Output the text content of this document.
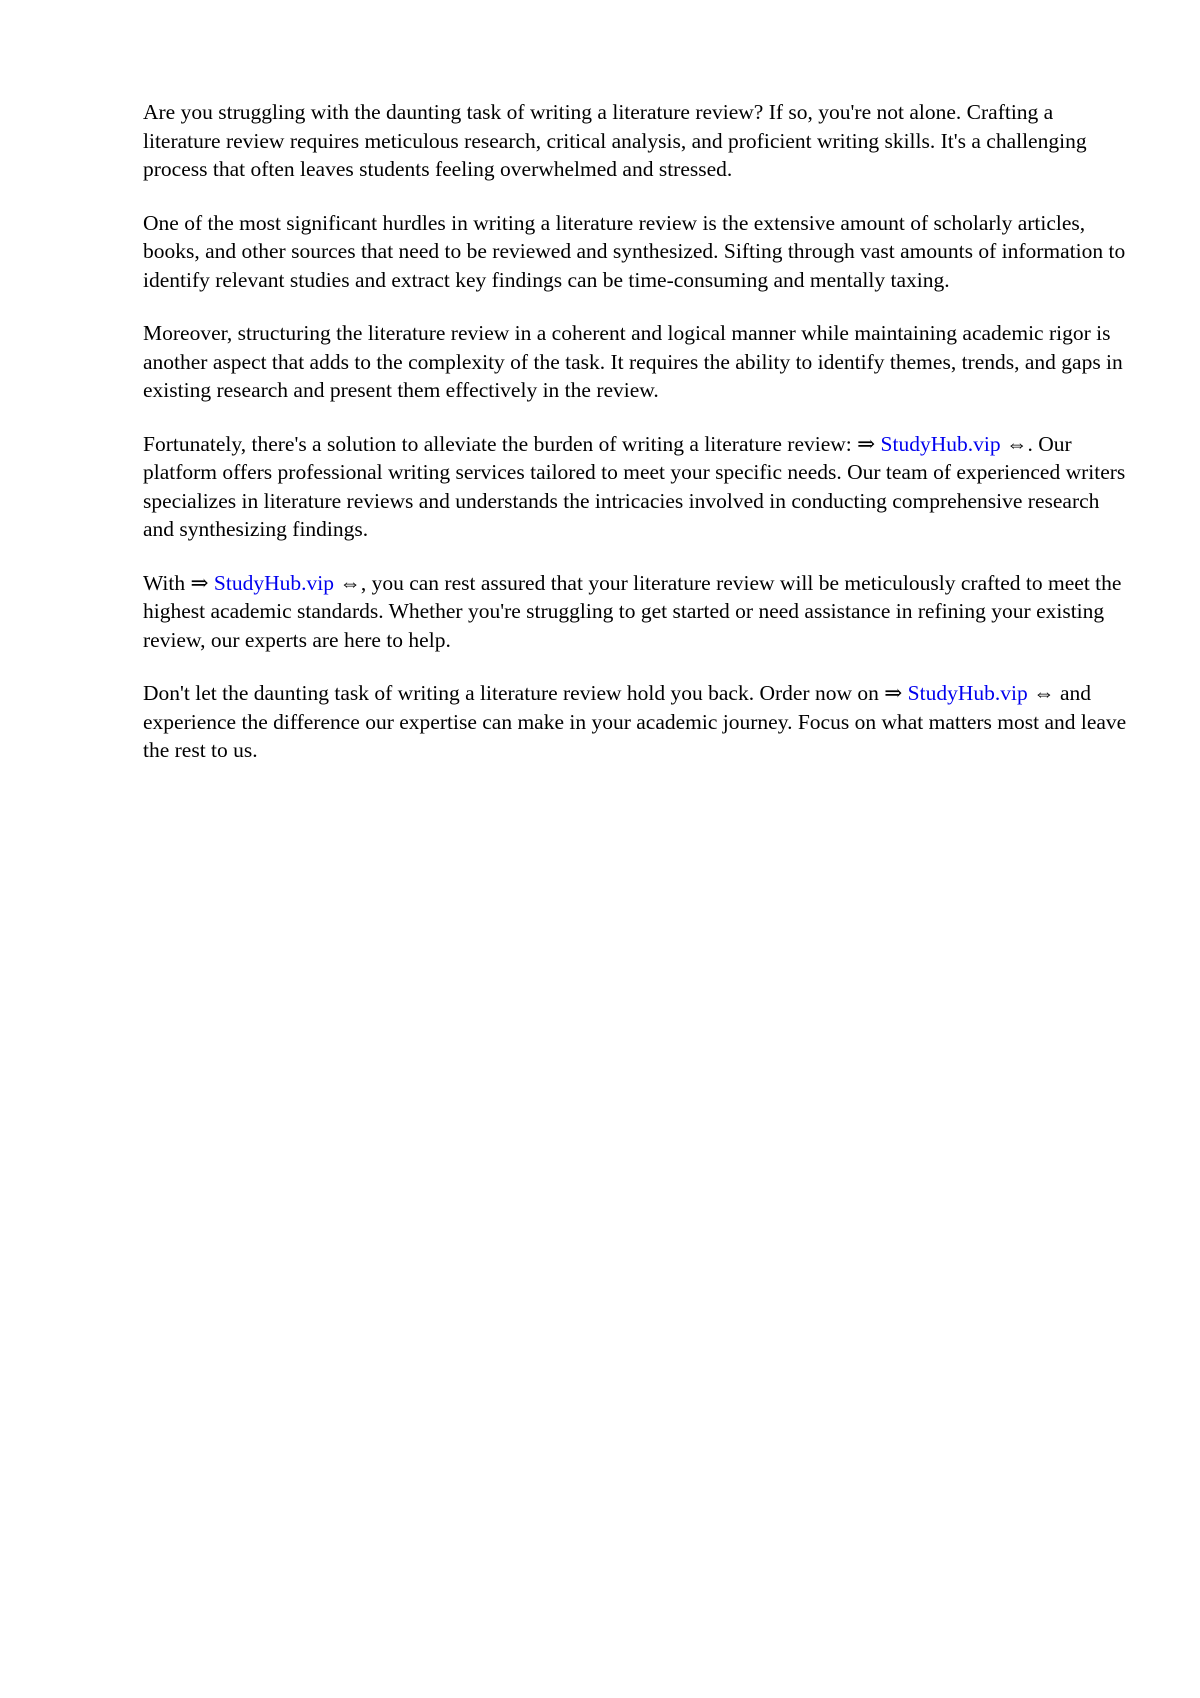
Are you struggling with the daunting task of writing a literature review? If so, you're not alone. Crafting a literature review requires meticulous research, critical analysis, and proficient writing skills. It's a challenging process that often leaves students feeling overwhelmed and stressed.

One of the most significant hurdles in writing a literature review is the extensive amount of scholarly articles, books, and other sources that need to be reviewed and synthesized. Sifting through vast amounts of information to identify relevant studies and extract key findings can be time-consuming and mentally taxing.

Moreover, structuring the literature review in a coherent and logical manner while maintaining academic rigor is another aspect that adds to the complexity of the task. It requires the ability to identify themes, trends, and gaps in existing research and present them effectively in the review.

Fortunately, there's a solution to alleviate the burden of writing a literature review: ⇒ StudyHub.vip ⇔. Our platform offers professional writing services tailored to meet your specific needs. Our team of experienced writers specializes in literature reviews and understands the intricacies involved in conducting comprehensive research and synthesizing findings.

With ⇒ StudyHub.vip ⇔, you can rest assured that your literature review will be meticulously crafted to meet the highest academic standards. Whether you're struggling to get started or need assistance in refining your existing review, our experts are here to help.

Don't let the daunting task of writing a literature review hold you back. Order now on ⇒ StudyHub.vip ⇔ and experience the difference our expertise can make in your academic journey. Focus on what matters most and leave the rest to us.
